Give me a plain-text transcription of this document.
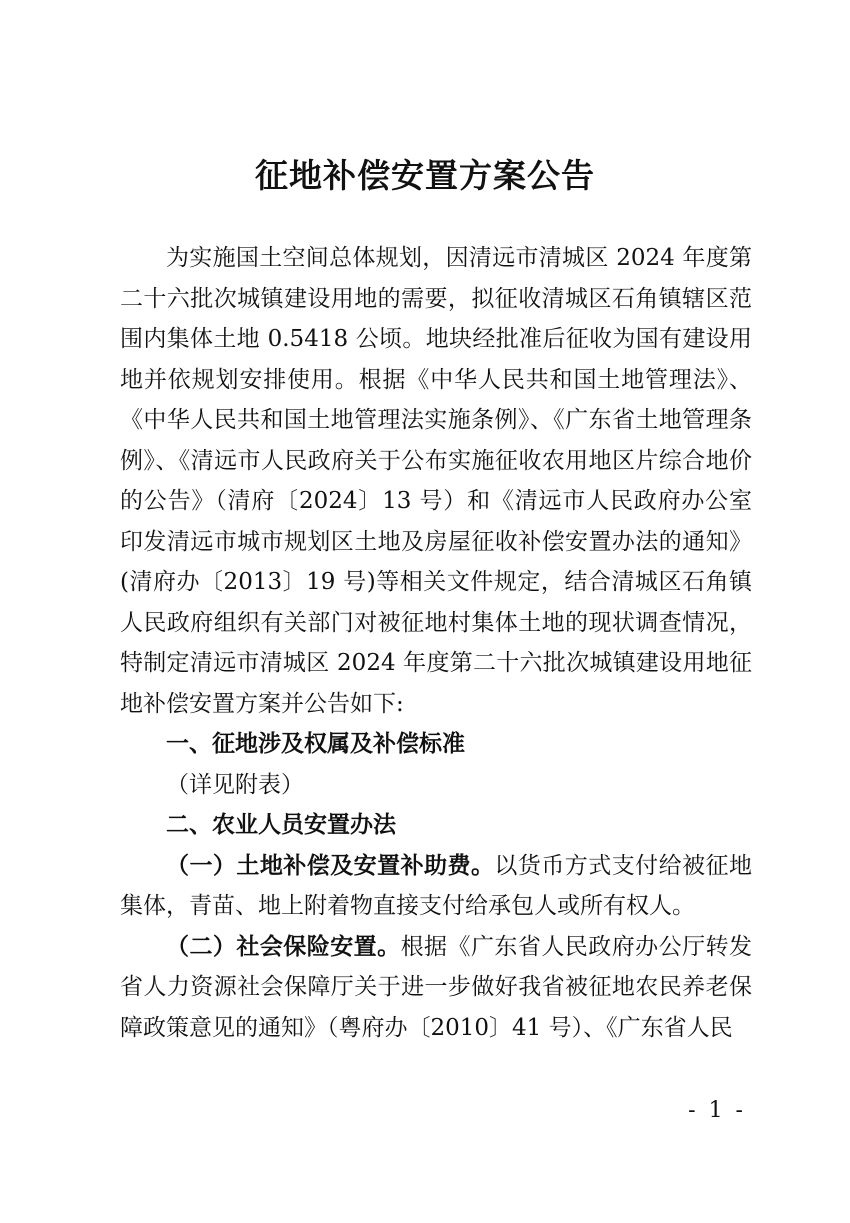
征地补偿安置方案公告

为实施国土空间总体规划，因清远市清城区 2024 年度第二十六批次城镇建设用地的需要，拟征收清城区石角镇辖区范围内集体土地 0.5418 公顷。地块经批准后征收为国有建设用地并依规划安排使用。根据《中华人民共和国土地管理法》、《中华人民共和国土地管理法实施条例》、《广东省土地管理条例》、《清远市人民政府关于公布实施征收农用地区片综合地价的公告》（清府〔2024〕13 号）和《清远市人民政府办公室印发清远市城市规划区土地及房屋征收补偿安置办法的通知》(清府办〔2013〕19 号)等相关文件规定，结合清城区石角镇人民政府组织有关部门对被征地村集体土地的现状调查情况，特制定清远市清城区 2024 年度第二十六批次城镇建设用地征地补偿安置方案并公告如下:

一、征地涉及权属及补偿标准

（详见附表）

二、农业人员安置办法

（一）土地补偿及安置补助费。以货币方式支付给被征地集体，青苗、地上附着物直接支付给承包人或所有权人。

（二）社会保险安置。根据《广东省人民政府办公厅转发省人力资源社会保障厅关于进一步做好我省被征地农民养老保障政策意见的通知》（粤府办〔2010〕41 号）、《广东省人民

- 1 -
